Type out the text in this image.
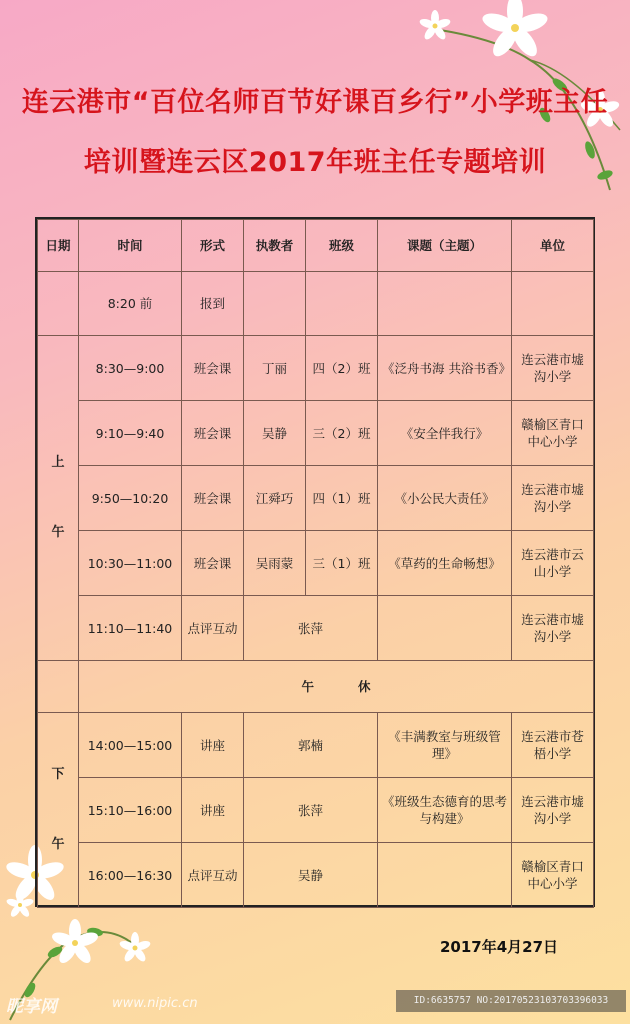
连云港市“百位名师百节好课百乡行”小学班主任
培训暨连云区2017年班主任专题培训
日期	时间	形式	执教者	班级	课题（主题）	单位
	8:20 前	报到				
上
午	8:30—9:00	班会课	丁丽	四（2）班	《泛舟书海 共浴书香》	连云港市墟沟小学
	9:10—9:40	班会课	吴静	三（2）班	《安全伴我行》	赣榆区青口中心小学
	9:50—10:20	班会课	江舜巧	四（1）班	《小公民大责任》	连云港市墟沟小学
	10:30—11:00	班会课	吴雨蒙	三（1）班	《草药的生命畅想》	连云港市云山小学
	11:10—11:40	点评互动	张萍			连云港市墟沟小学
	午 休					
下
午	14:00—15:00	讲座	郭楠		《丰满教室与班级管理》	连云港市苍梧小学
	15:10—16:00	讲座	张萍		《班级生态德育的思考与构建》	连云港市墟沟小学
	16:00—16:30	点评互动	吴静			赣榆区青口中心小学
2017年4月27日
昵享网	www.nipic.cn	ID:6635757 NO:20170523103703396033
